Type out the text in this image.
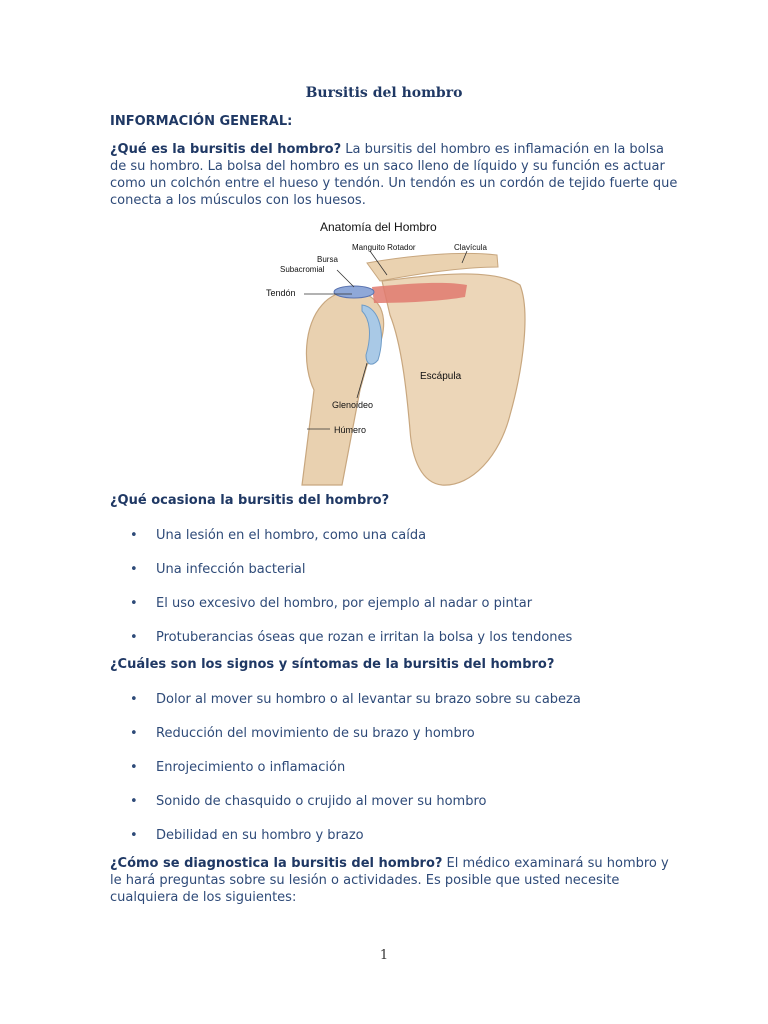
Bursitis del hombro
INFORMACIÓN GENERAL:
¿Qué es la bursitis del hombro? La bursitis del hombro es inflamación en la bolsa de su hombro. La bolsa del hombro es un saco lleno de líquido y su función es actuar como un colchón entre el hueso y tendón. Un tendón es un cordón de tejido fuerte que conecta a los músculos con los huesos.
Anatomía del Hombro
Manguito Rotador	Clavícula
Bursa
Subacromial
Tendón
Escápula
Glenoideo
Húmero
¿Qué ocasiona la bursitis del hombro?
• Una lesión en el hombro, como una caída
• Una infección bacterial
• El uso excesivo del hombro, por ejemplo al nadar o pintar
• Protuberancias óseas que rozan e irritan la bolsa y los tendones
¿Cuáles son los signos y síntomas de la bursitis del hombro?
• Dolor al mover su hombro o al levantar su brazo sobre su cabeza
• Reducción del movimiento de su brazo y hombro
• Enrojecimiento o inflamación
• Sonido de chasquido o crujido al mover su hombro
• Debilidad en su hombro y brazo
¿Cómo se diagnostica la bursitis del hombro? El médico examinará su hombro y le hará preguntas sobre su lesión o actividades. Es posible que usted necesite cualquiera de los siguientes:
1
